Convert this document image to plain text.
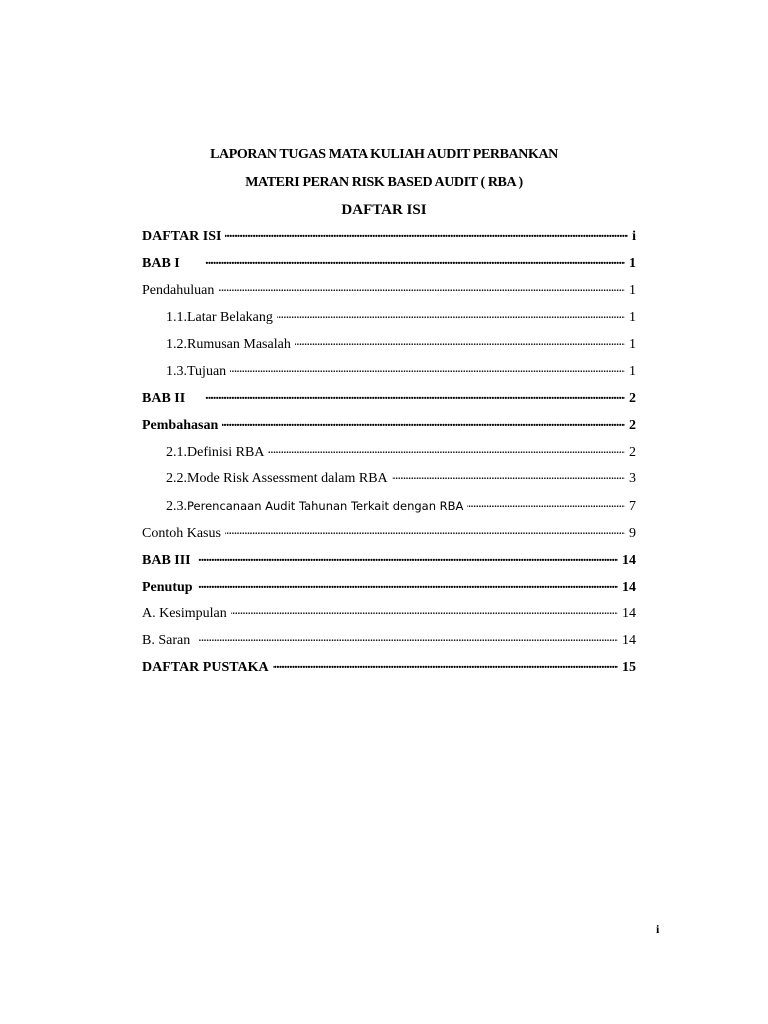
LAPORAN TUGAS MATA KULIAH AUDIT PERBANKAN
MATERI PERAN RISK BASED AUDIT ( RBA )
DAFTAR ISI
DAFTAR ISI . . .	i
BAB I . . .	1
Pendahuluan . . .	1
1.1.Latar Belakang . . .	1
1.2.Rumusan Masalah . . .	1
1.3.Tujuan . . .	1
BAB II . . .	2
Pembahasan . . .	2
2.1.Definisi RBA . . .	2
2.2.Mode Risk Assessment dalam RBA . . .	3
2.3.Perencanaan Audit Tahunan Terkait dengan RBA . . .	7
Contoh Kasus . . .	9
BAB III . . .	14
Penutup . . .	14
A. Kesimpulan . . .	14
B. Saran . . .	14
DAFTAR PUSTAKA . . .	15
i
